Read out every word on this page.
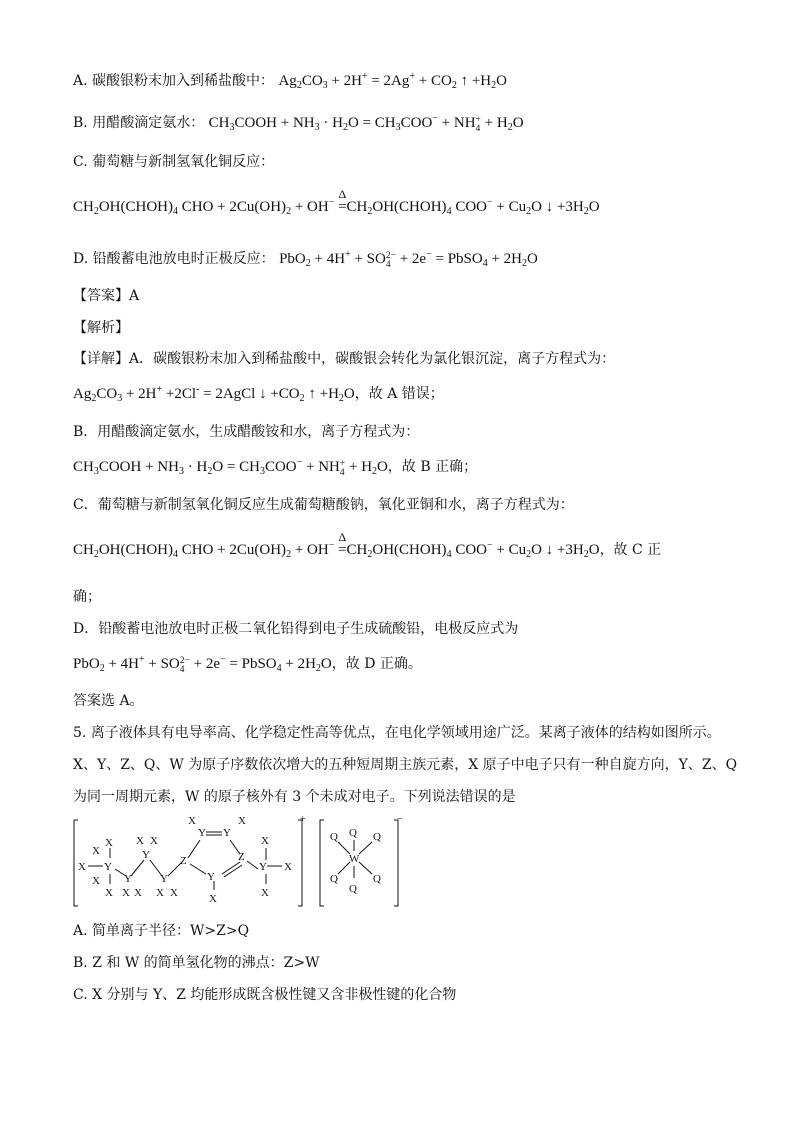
A. 碳酸银粉末加入到稀盐酸中： $Ag_2CO_3 + 2H^+ = 2Ag^+ + CO_2$ ↑ $+H_2O$
B. 用醋酸滴定氨水： $CH_3COOH + NH_3 \cdot H_2O = CH_3COO^-$ + NH $_{+ 4} + H_2O$
C. 葡萄糖与新制氢氧化铜反应：
$CH_2OH(CHOH)_4$ CHO + $2Cu(OH)_2 + OH^-$
Δ
$=CH_2OH(CHOH)_4$ $COO^- + Cu_2O$ ↓ $+3H_2O$
D. 铅酸蓄电池放电时正极反应： PbO$_2$ + 4H+ + SO $_{2- 4}$ + 2e− = PbSO$_4$ + $2H_2O$
【答案】A
【解析】
【详解】A．碳酸银粉末加入到稀盐酸中，碳酸银会转化为氯化银沉淀，离子方程式为：
$Ag_2CO_3 + 2H^+ +2Cl^-$ = 2AgCl ↓ $+CO_2$ ↑ $+H_2O$，故 A 错误；
B．用醋酸滴定氨水，生成醋酸铵和水，离子方程式为：
$CH_3COOH + NH_3 \cdot H_2O = CH_3COO^-$ + NH $_{+ 4} + H_2O$，故 B 正确；
C．葡萄糖与新制氢氧化铜反应生成葡萄糖酸钠，氧化亚铜和水，离子方程式为：
$CH_2OH(CHOH)_4$ CHO + $2Cu(OH)_2 + OH^-$
Δ
$=CH_2OH(CHOH)_4$ $COO^- + Cu_2O$ ↓ $+3H_2O$，故 C 正
确；
D．铅酸蓄电池放电时正极二氧化铅得到电子生成硫酸铅，电极反应式为
PbO$_2$ + 4H+ + SO $_{2- 4}$ + 2e− = PbSO$_4$ + $2H_2O$，故 D 正确。
答案选 A。
5. 离子液体具有电导率高、化学稳定性高等优点，在电化学领域用途广泛。某离子液体的结构如图所示。
X、Y、Z、Q、W 为原子序数依次增大的五种短周期主族元素，X 原子中电子只有一种自旋方向，Y、Z、Q
为同一周期元素，W 的原子核外有 3 个未成对电子。下列说法错误的是
X Y
X
X
X
X Y
X X
Y
X X
Y
X X
Z
Y
X
Y
X
Z
Y
X
Y
X
X
X
+
W
Q
Q
Q	Q
Q	Q
−
A. 简单离子半径：W>Z>Q
B. Z 和 W 的简单氢化物的沸点：Z>W
C. X 分别与 Y、Z 均能形成既含极性键又含非极性键的化合物
